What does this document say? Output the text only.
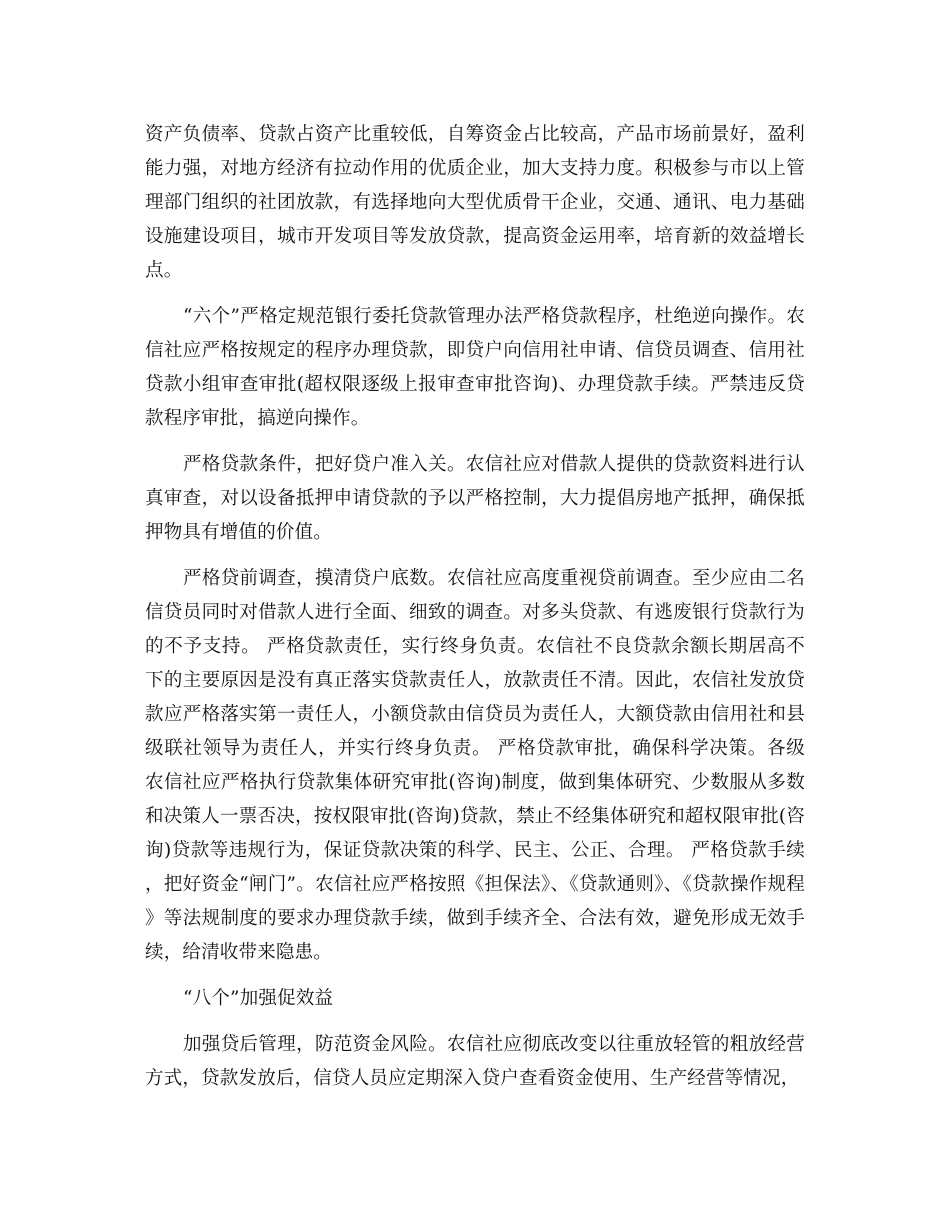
资产负债率、贷款占资产比重较低，自筹资金占比较高，产品市场前景好，盈利能力强，对地方经济有拉动作用的优质企业，加大支持力度。积极参与市以上管理部门组织的社团放款，有选择地向大型优质骨干企业，交通、通讯、电力基础设施建设项目，城市开发项目等发放贷款，提高资金运用率，培育新的效益增长点。

“六个”严格定规范银行委托贷款管理办法严格贷款程序，杜绝逆向操作。农信社应严格按规定的程序办理贷款，即贷户向信用社申请、信贷员调查、信用社贷款小组审查审批(超权限逐级上报审查审批咨询)、办理贷款手续。严禁违反贷款程序审批，搞逆向操作。

严格贷款条件，把好贷户准入关。农信社应对借款人提供的贷款资料进行认真审查，对以设备抵押申请贷款的予以严格控制，大力提倡房地产抵押，确保抵押物具有增值的价值。

严格贷前调查，摸清贷户底数。农信社应高度重视贷前调查。至少应由二名信贷员同时对借款人进行全面、细致的调查。对多头贷款、有逃废银行贷款行为的不予支持。 严格贷款责任，实行终身负责。农信社不良贷款余额长期居高不下的主要原因是没有真正落实贷款责任人，放款责任不清。因此，农信社发放贷款应严格落实第一责任人，小额贷款由信贷员为责任人，大额贷款由信用社和县级联社领导为责任人，并实行终身负责。 严格贷款审批，确保科学决策。各级农信社应严格执行贷款集体研究审批(咨询)制度，做到集体研究、少数服从多数和决策人一票否决，按权限审批(咨询)贷款，禁止不经集体研究和超权限审批(咨询)贷款等违规行为，保证贷款决策的科学、民主、公正、合理。 严格贷款手续，把好资金“闸门”。农信社应严格按照《担保法》、《贷款通则》、《贷款操作规程》等法规制度的要求办理贷款手续，做到手续齐全、合法有效，避免形成无效手续，给清收带来隐患。

“八个”加强促效益

加强贷后管理，防范资金风险。农信社应彻底改变以往重放轻管的粗放经营方式，贷款发放后，信贷人员应定期深入贷户查看资金使用、生产经营等情况，
